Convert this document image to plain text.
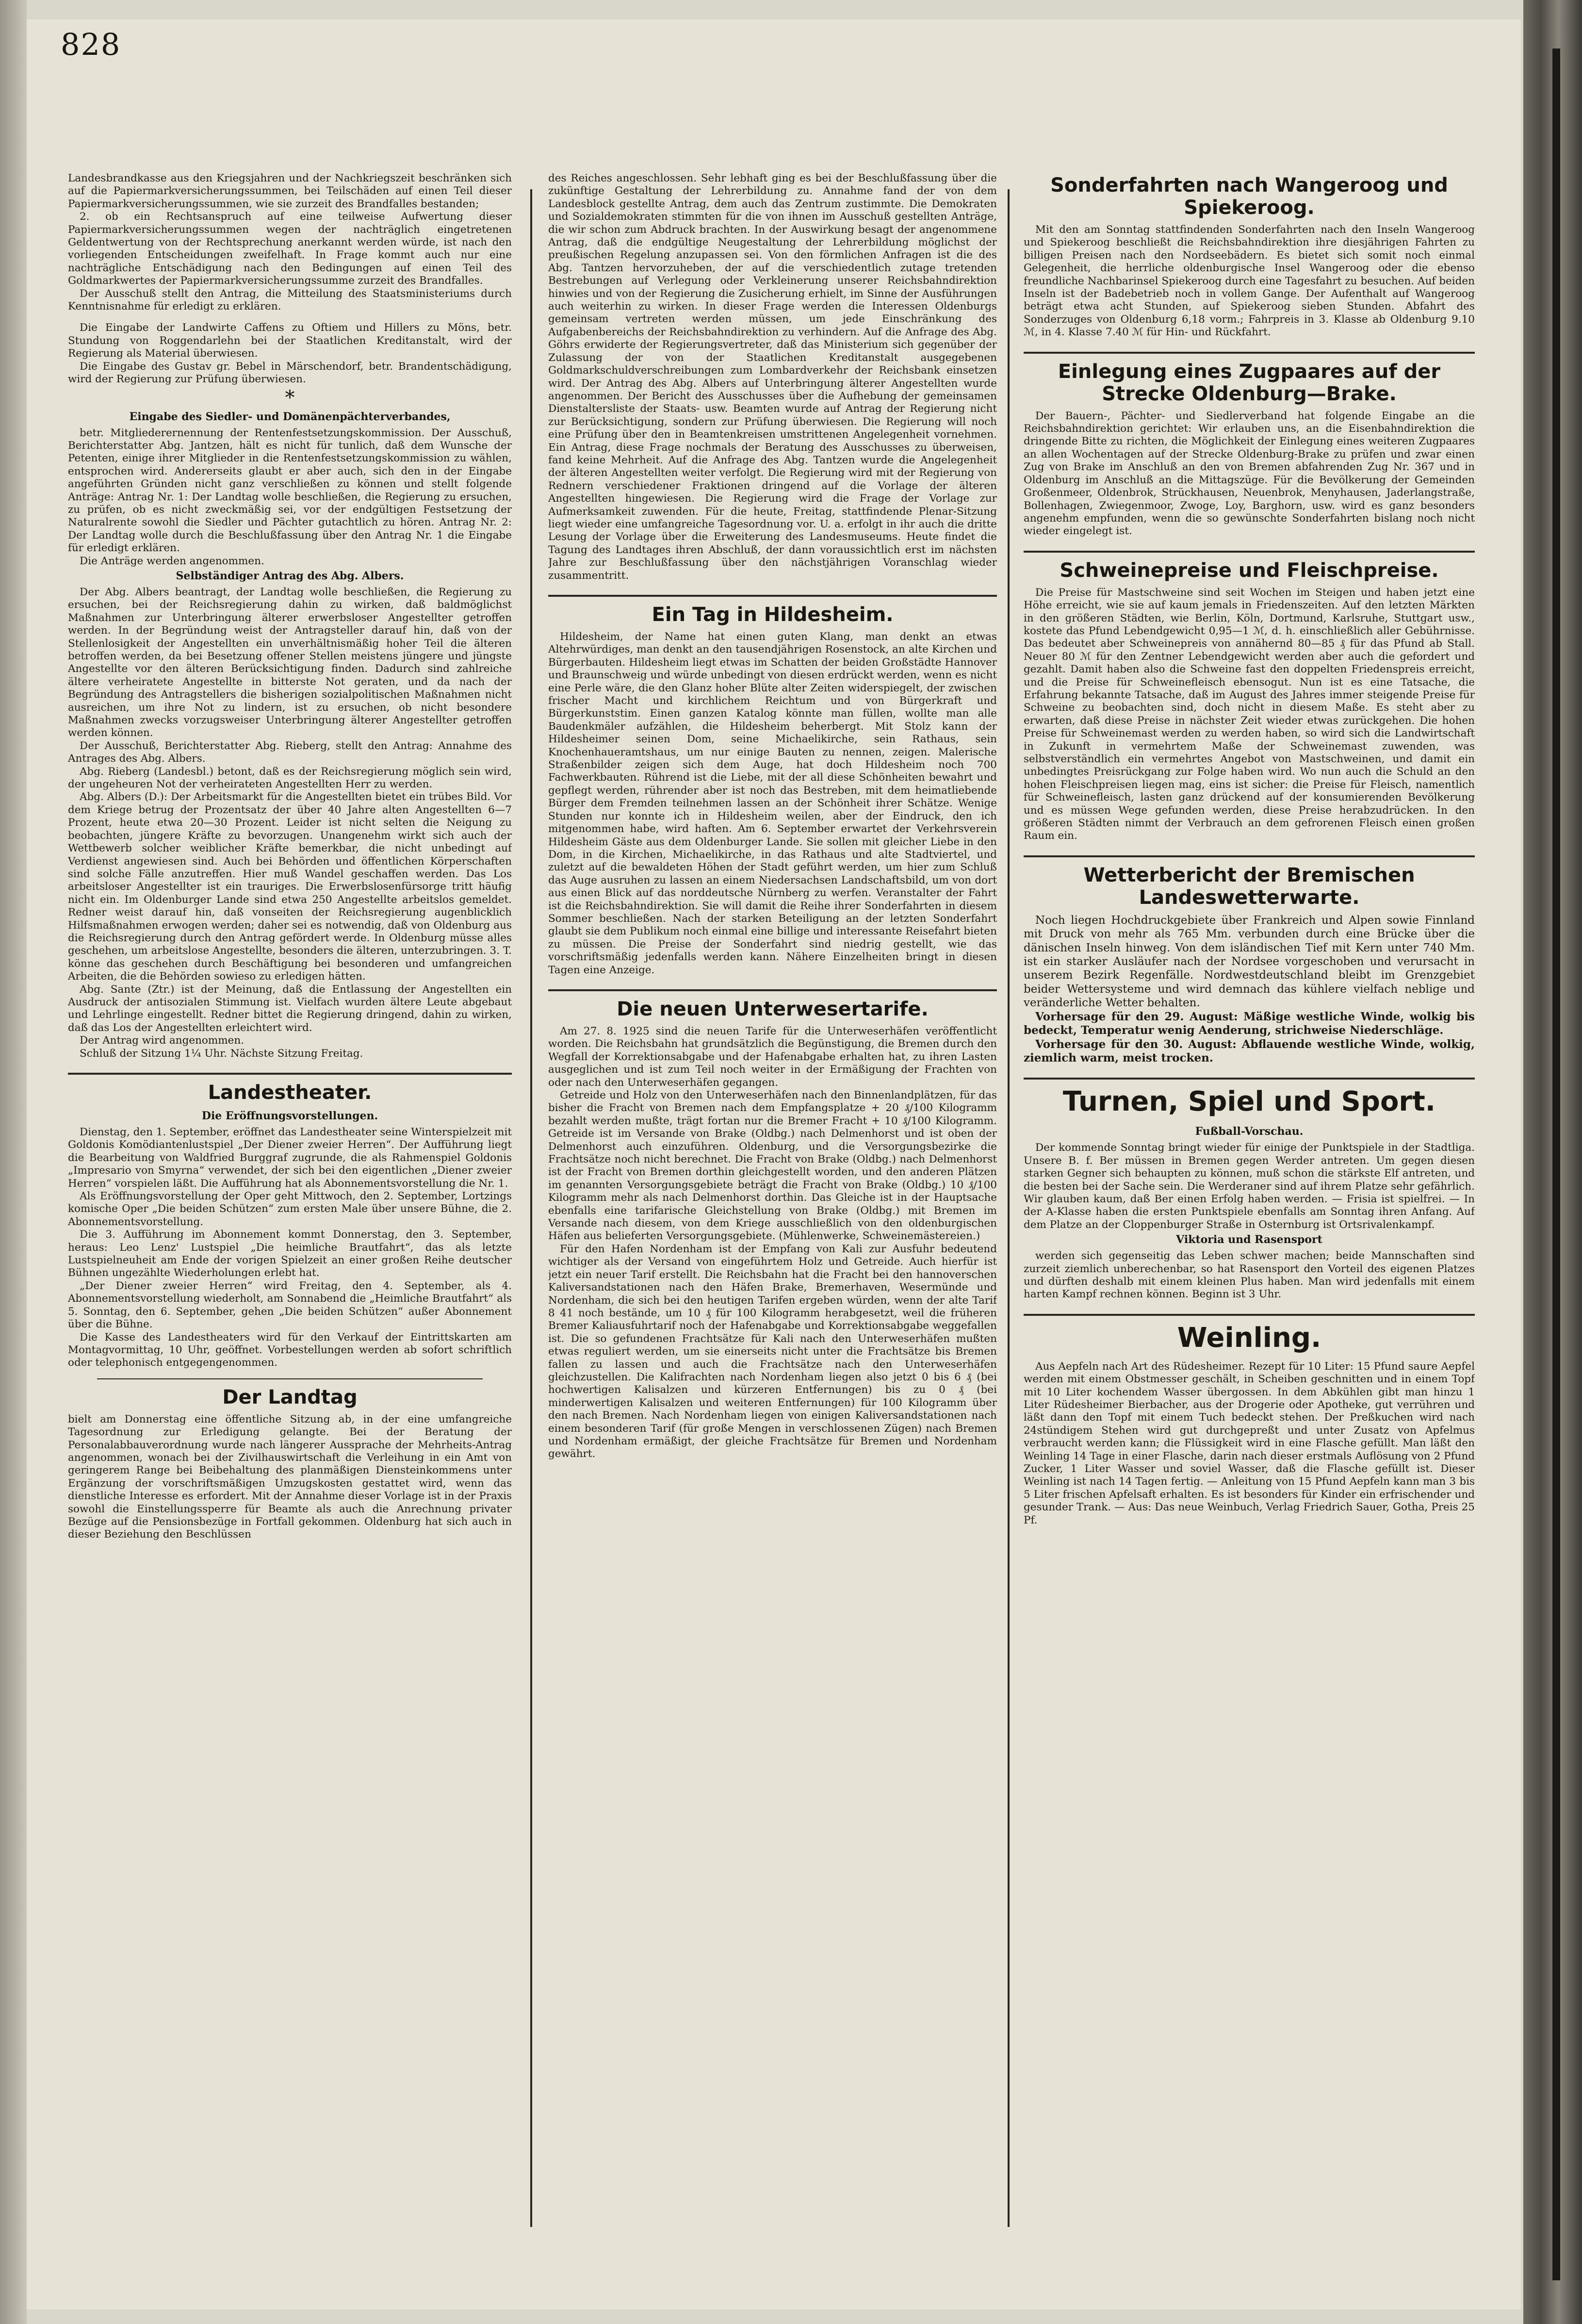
828

Landesbrandkasse aus den Kriegsjahren und der Nachkriegszeit beschränken sich auf die Papiermarkversicherungssummen, bei Teilschäden auf einen Teil dieser Papiermarkversicherungssummen, wie sie zurzeit des Brandfalles bestanden;

2. ob ein Rechtsanspruch auf eine teilweise Aufwertung dieser Papiermarkversicherungssummen wegen der nachträglich eingetretenen Geldentwertung von der Rechtsprechung anerkannt werden würde, ist nach den vorliegenden Entscheidungen zweifelhaft. In Frage kommt auch nur eine nachträgliche Entschädigung nach den Bedingungen auf einen Teil des Goldmarkwertes der Papiermarkversicherungssumme zurzeit des Brandfalles.

Der Ausschuß stellt den Antrag, die Mitteilung des Staatsministeriums durch Kenntnisnahme für erledigt zu erklären.

Die Eingabe der Landwirte Caffens zu Oftiem und Hillers zu Möns, betr. Stundung von Roggendarlehn bei der Staatlichen Kreditanstalt, wird der Regierung als Material überwiesen.

Die Eingabe des Gustav gr. Bebel in Märschendorf, betr. Brandentschädigung, wird der Regierung zur Prüfung überwiesen.

*
Eingabe des Siedler- und Domänenpächterverbandes,

betr. Mitgliederernennung der Rentenfestsetzungskommission. Der Ausschuß, Berichterstatter Abg. Jantzen, hält es nicht für tunlich, daß dem Wunsche der Petenten, einige ihrer Mitglieder in die Rentenfestsetzungskommission zu wählen, entsprochen wird. Andererseits glaubt er aber auch, sich den in der Eingabe angeführten Gründen nicht ganz verschließen zu können und stellt folgende Anträge: Antrag Nr. 1: Der Landtag wolle beschließen, die Regierung zu ersuchen, zu prüfen, ob es nicht zweckmäßig sei, vor der endgültigen Festsetzung der Naturalrente sowohl die Siedler und Pächter gutachtlich zu hören. Antrag Nr. 2: Der Landtag wolle durch die Beschlußfassung über den Antrag Nr. 1 die Eingabe für erledigt erklären.

Die Anträge werden angenommen.

Selbständiger Antrag des Abg. Albers.

Der Abg. Albers beantragt, der Landtag wolle beschließen, die Regierung zu ersuchen, bei der Reichsregierung dahin zu wirken, daß baldmöglichst Maßnahmen zur Unterbringung älterer erwerbsloser Angestellter getroffen werden. In der Begründung weist der Antragsteller darauf hin, daß von der Stellenlosigkeit der Angestellten ein unverhältnismäßig hoher Teil die älteren betroffen werden, da bei Besetzung offener Stellen meistens jüngere und jüngste Angestellte vor den älteren Berücksichtigung finden. Dadurch sind zahlreiche ältere verheiratete Angestellte in bitterste Not geraten, und da nach der Begründung des Antragstellers die bisherigen sozialpolitischen Maßnahmen nicht ausreichen, um ihre Not zu lindern, ist zu ersuchen, ob nicht besondere Maßnahmen zwecks vorzugsweiser Unterbringung älterer Angestellter getroffen werden können.

Der Ausschuß, Berichterstatter Abg. Rieberg, stellt den Antrag: Annahme des Antrages des Abg. Albers.

Abg. Rieberg (Landesbl.) betont, daß es der Reichsregierung möglich sein wird, der ungeheuren Not der verheirateten Angestellten Herr zu werden.

Abg. Albers (D.): Der Arbeitsmarkt für die Angestellten bietet ein trübes Bild. Vor dem Kriege betrug der Prozentsatz der über 40 Jahre alten Angestellten 6—7 Prozent, heute etwa 20—30 Prozent. Leider ist nicht selten die Neigung zu beobachten, jüngere Kräfte zu bevorzugen. Unangenehm wirkt sich auch der Wettbewerb solcher weiblicher Kräfte bemerkbar, die nicht unbedingt auf Verdienst angewiesen sind. Auch bei Behörden und öffentlichen Körperschaften sind solche Fälle anzutreffen. Hier muß Wandel geschaffen werden. Das Los arbeitsloser Angestellter ist ein trauriges. Die Erwerbslosenfürsorge tritt häufig nicht ein. Im Oldenburger Lande sind etwa 250 Angestellte arbeitslos gemeldet. Redner weist darauf hin, daß vonseiten der Reichsregierung augenblicklich Hilfsmaßnahmen erwogen werden; daher sei es notwendig, daß von Oldenburg aus die Reichsregierung durch den Antrag gefördert werde. In Oldenburg müsse alles geschehen, um arbeitslose Angestellte, besonders die älteren, unterzubringen. 3. T. könne das geschehen durch Beschäftigung bei besonderen und umfangreichen Arbeiten, die die Behörden sowieso zu erledigen hätten.

Abg. Sante (Ztr.) ist der Meinung, daß die Entlassung der Angestellten ein Ausdruck der antisozialen Stimmung ist. Vielfach wurden ältere Leute abgebaut und Lehrlinge eingestellt. Redner bittet die Regierung dringend, dahin zu wirken, daß das Los der Angestellten erleichtert wird.

Der Antrag wird angenommen.

Schluß der Sitzung 1¼ Uhr. Nächste Sitzung Freitag.

Landestheater.
Die Eröffnungsvorstellungen.

Dienstag, den 1. September, eröffnet das Landestheater seine Winterspielzeit mit Goldonis Komödiantenlustspiel „Der Diener zweier Herren“. Der Aufführung liegt die Bearbeitung von Waldfried Burggraf zugrunde, die als Rahmenspiel Goldonis „Impresario von Smyrna“ verwendet, der sich bei den eigentlichen „Diener zweier Herren“ vorspielen läßt. Die Aufführung hat als Abonnementsvorstellung die Nr. 1.

Als Eröffnungsvorstellung der Oper geht Mittwoch, den 2. September, Lortzings komische Oper „Die beiden Schützen“ zum ersten Male über unsere Bühne, die 2. Abonnementsvorstellung.

Die 3. Aufführung im Abonnement kommt Donnerstag, den 3. September, heraus: Leo Lenz' Lustspiel „Die heimliche Brautfahrt“, das als letzte Lustspielneuheit am Ende der vorigen Spielzeit an einer großen Reihe deutscher Bühnen ungezählte Wiederholungen erlebt hat.

„Der Diener zweier Herren“ wird Freitag, den 4. September, als 4. Abonnementsvorstellung wiederholt, am Sonnabend die „Heimliche Brautfahrt“ als 5. Sonntag, den 6. September, gehen „Die beiden Schützen“ außer Abonnement über die Bühne.

Die Kasse des Landestheaters wird für den Verkauf der Eintrittskarten am Montagvormittag, 10 Uhr, geöffnet. Vorbestellungen werden ab sofort schriftlich oder telephonisch entgegengenommen.

Der Landtag

bielt am Donnerstag eine öffentliche Sitzung ab, in der eine umfangreiche Tagesordnung zur Erledigung gelangte. Bei der Beratung der Personalabbauverordnung wurde nach längerer Aussprache der Mehrheits-Antrag angenommen, wonach bei der Zivilhauswirtschaft die Verleihung in ein Amt von geringerem Range bei Beibehaltung des planmäßigen Diensteinkommens unter Ergänzung der vorschriftsmäßigen Umzugskosten gestattet wird, wenn das dienstliche Interesse es erfordert. Mit der Annahme dieser Vorlage ist in der Praxis sowohl die Einstellungssperre für Beamte als auch die Anrechnung privater Bezüge auf die Pensionsbezüge in Fortfall gekommen. Oldenburg hat sich auch in dieser Beziehung den Beschlüssen

des Reiches angeschlossen. Sehr lebhaft ging es bei der Beschlußfassung über die zukünftige Gestaltung der Lehrerbildung zu. Annahme fand der von dem Landesblock gestellte Antrag, dem auch das Zentrum zustimmte. Die Demokraten und Sozialdemokraten stimmten für die von ihnen im Ausschuß gestellten Anträge, die wir schon zum Abdruck brachten. In der Auswirkung besagt der angenommene Antrag, daß die endgültige Neugestaltung der Lehrerbildung möglichst der preußischen Regelung anzupassen sei. Von den förmlichen Anfragen ist die des Abg. Tantzen hervorzuheben, der auf die verschiedentlich zutage tretenden Bestrebungen auf Verlegung oder Verkleinerung unserer Reichsbahndirektion hinwies und von der Regierung die Zusicherung erhielt, im Sinne der Ausführungen auch weiterhin zu wirken. In dieser Frage werden die Interessen Oldenburgs gemeinsam vertreten werden müssen, um jede Einschränkung des Aufgabenbereichs der Reichsbahndirektion zu verhindern. Auf die Anfrage des Abg. Göhrs erwiderte der Regierungsvertreter, daß das Ministerium sich gegenüber der Zulassung der von der Staatlichen Kreditanstalt ausgegebenen Goldmarkschuldverschreibungen zum Lombardverkehr der Reichsbank einsetzen wird. Der Antrag des Abg. Albers auf Unterbringung älterer Angestellten wurde angenommen. Der Bericht des Ausschusses über die Aufhebung der gemeinsamen Dienstaltersliste der Staats- usw. Beamten wurde auf Antrag der Regierung nicht zur Berücksichtigung, sondern zur Prüfung überwiesen. Die Regierung will noch eine Prüfung über den in Beamtenkreisen umstrittenen Angelegenheit vornehmen. Ein Antrag, diese Frage nochmals der Beratung des Ausschusses zu überweisen, fand keine Mehrheit. Auf die Anfrage des Abg. Tantzen wurde die Angelegenheit der älteren Angestellten weiter verfolgt. Die Regierung wird mit der Regierung von Rednern verschiedener Fraktionen dringend auf die Vorlage der älteren Angestellten hingewiesen. Die Regierung wird die Frage der Vorlage zur Aufmerksamkeit zuwenden. Für die heute, Freitag, stattfindende Plenar-Sitzung liegt wieder eine umfangreiche Tagesordnung vor. U. a. erfolgt in ihr auch die dritte Lesung der Vorlage über die Erweiterung des Landesmuseums. Heute findet die Tagung des Landtages ihren Abschluß, der dann voraussichtlich erst im nächsten Jahre zur Beschlußfassung über den nächstjährigen Voranschlag wieder zusammentritt.

Ein Tag in Hildesheim.

Hildesheim, der Name hat einen guten Klang, man denkt an etwas Altehrwürdiges, man denkt an den tausendjährigen Rosenstock, an alte Kirchen und Bürgerbauten. Hildesheim liegt etwas im Schatten der beiden Großstädte Hannover und Braunschweig und würde unbedingt von diesen erdrückt werden, wenn es nicht eine Perle wäre, die den Glanz hoher Blüte alter Zeiten widerspiegelt, der zwischen frischer Macht und kirchlichem Reichtum und von Bürgerkraft und Bürgerkunststim. Einen ganzen Katalog könnte man füllen, wollte man alle Baudenkmäler aufzählen, die Hildesheim beherbergt. Mit Stolz kann der Hildesheimer seinen Dom, seine Michaelikirche, sein Rathaus, sein Knochenhaueramtshaus, um nur einige Bauten zu nennen, zeigen. Malerische Straßenbilder zeigen sich dem Auge, hat doch Hildesheim noch 700 Fachwerkbauten. Rührend ist die Liebe, mit der all diese Schönheiten bewahrt und gepflegt werden, rührender aber ist noch das Bestreben, mit dem heimatliebende Bürger dem Fremden teilnehmen lassen an der Schönheit ihrer Schätze. Wenige Stunden nur konnte ich in Hildesheim weilen, aber der Eindruck, den ich mitgenommen habe, wird haften. Am 6. September erwartet der Verkehrsverein Hildesheim Gäste aus dem Oldenburger Lande. Sie sollen mit gleicher Liebe in den Dom, in die Kirchen, Michaelikirche, in das Rathaus und alte Stadtviertel, und zuletzt auf die bewaldeten Höhen der Stadt geführt werden, um hier zum Schluß das Auge ausruhen zu lassen an einem Niedersachsen Landschaftsbild, um von dort aus einen Blick auf das norddeutsche Nürnberg zu werfen. Veranstalter der Fahrt ist die Reichsbahndirektion. Sie will damit die Reihe ihrer Sonderfahrten in diesem Sommer beschließen. Nach der starken Beteiligung an der letzten Sonderfahrt glaubt sie dem Publikum noch einmal eine billige und interessante Reisefahrt bieten zu müssen. Die Preise der Sonderfahrt sind niedrig gestellt, wie das vorschriftsmäßig jedenfalls werden kann. Nähere Einzelheiten bringt in diesen Tagen eine Anzeige.

Die neuen Unterwesertarife.

Am 27. 8. 1925 sind die neuen Tarife für die Unterweserhäfen veröffentlicht worden. Die Reichsbahn hat grundsätzlich die Begünstigung, die Bremen durch den Wegfall der Korrektionsabgabe und der Hafenabgabe erhalten hat, zu ihren Lasten ausgeglichen und ist zum Teil noch weiter in der Ermäßigung der Frachten von oder nach den Unterweserhäfen gegangen.

Getreide und Holz von den Unterweserhäfen nach den Binnenlandplätzen, für das bisher die Fracht von Bremen nach dem Empfangsplatze + 20 ₰/100 Kilogramm bezahlt werden mußte, trägt fortan nur die Bremer Fracht + 10 ₰/100 Kilogramm. Getreide ist im Versande von Brake (Oldbg.) nach Delmenhorst und ist oben der Delmenhorst auch einzuführen. Oldenburg, und die Versorgungsbezirke die Frachtsätze noch nicht berechnet. Die Fracht von Brake (Oldbg.) nach Delmenhorst ist der Fracht von Bremen dorthin gleichgestellt worden, und den anderen Plätzen im genannten Versorgungsgebiete beträgt die Fracht von Brake (Oldbg.) 10 ₰/100 Kilogramm mehr als nach Delmenhorst dorthin. Das Gleiche ist in der Hauptsache ebenfalls eine tarifarische Gleichstellung von Brake (Oldbg.) mit Bremen im Versande nach diesem, von dem Kriege ausschließlich von den oldenburgischen Häfen aus belieferten Versorgungsgebiete. (Mühlenwerke, Schweinemästereien.)

Für den Hafen Nordenham ist der Empfang von Kali zur Ausfuhr bedeutend wichtiger als der Versand von eingeführtem Holz und Getreide. Auch hierfür ist jetzt ein neuer Tarif erstellt. Die Reichsbahn hat die Fracht bei den hannoverschen Kaliversandstationen nach den Häfen Brake, Bremerhaven, Wesermünde und Nordenham, die sich bei den heutigen Tarifen ergeben würden, wenn der alte Tarif 8 41 noch bestände, um 10 ₰ für 100 Kilogramm herabgesetzt, weil die früheren Bremer Kaliausfuhrtarif noch der Hafenabgabe und Korrektionsabgabe weggefallen ist. Die so gefundenen Frachtsätze für Kali nach den Unterweserhäfen mußten etwas reguliert werden, um sie einerseits nicht unter die Frachtsätze bis Bremen fallen zu lassen und auch die Frachtsätze nach den Unterweserhäfen gleichzustellen. Die Kalifrachten nach Nordenham liegen also jetzt 0 bis 6 ₰ (bei hochwertigen Kalisalzen und kürzeren Entfernungen) bis zu 0 ₰ (bei minderwertigen Kalisalzen und weiteren Entfernungen) für 100 Kilogramm über den nach Bremen. Nach Nordenham liegen von einigen Kaliversandstationen nach einem besonderen Tarif (für große Mengen in verschlossenen Zügen) nach Bremen und Nordenham ermäßigt, der gleiche Frachtsätze für Bremen und Nordenham gewährt.

Sonderfahrten nach Wangeroog und Spiekeroog.

Mit den am Sonntag stattfindenden Sonderfahrten nach den Inseln Wangeroog und Spiekeroog beschließt die Reichsbahndirektion ihre diesjährigen Fahrten zu billigen Preisen nach den Nordseebädern. Es bietet sich somit noch einmal Gelegenheit, die herrliche oldenburgische Insel Wangeroog oder die ebenso freundliche Nachbarinsel Spiekeroog durch eine Tagesfahrt zu besuchen. Auf beiden Inseln ist der Badebetrieb noch in vollem Gange. Der Aufenthalt auf Wangeroog beträgt etwa acht Stunden, auf Spiekeroog sieben Stunden. Abfahrt des Sonderzuges von Oldenburg 6,18 vorm.; Fahrpreis in 3. Klasse ab Oldenburg 9.10 ℳ, in 4. Klasse 7.40 ℳ für Hin- und Rückfahrt.

Einlegung eines Zugpaares auf der Strecke Oldenburg—Brake.

Der Bauern-, Pächter- und Siedlerverband hat folgende Eingabe an die Reichsbahndirektion gerichtet: Wir erlauben uns, an die Eisenbahndirektion die dringende Bitte zu richten, die Möglichkeit der Einlegung eines weiteren Zugpaares an allen Wochentagen auf der Strecke Oldenburg-Brake zu prüfen und zwar einen Zug von Brake im Anschluß an den von Bremen abfahrenden Zug Nr. 367 und in Oldenburg im Anschluß an die Mittagszüge. Für die Bevölkerung der Gemeinden Großenmeer, Oldenbrok, Strückhausen, Neuenbrok, Menyhausen, Jaderlangstraße, Bollenhagen, Zwiegenmoor, Zwoge, Loy, Barghorn, usw. wird es ganz besonders angenehm empfunden, wenn die so gewünschte Sonderfahrten bislang noch nicht wieder eingelegt ist.

Schweinepreise und Fleischpreise.

Die Preise für Mastschweine sind seit Wochen im Steigen und haben jetzt eine Höhe erreicht, wie sie auf kaum jemals in Friedenszeiten. Auf den letzten Märkten in den größeren Städten, wie Berlin, Köln, Dortmund, Karlsruhe, Stuttgart usw., kostete das Pfund Lebendgewicht 0,95—1 ℳ, d. h. einschließlich aller Gebührnisse. Das bedeutet aber Schweinepreis von annähernd 80—85 ₰ für das Pfund ab Stall. Neuer 80 ℳ für den Zentner Lebendgewicht werden aber auch die gefordert und gezahlt. Damit haben also die Schweine fast den doppelten Friedenspreis erreicht, und die Preise für Schweinefleisch ebensogut. Nun ist es eine Tatsache, die Erfahrung bekannte Tatsache, daß im August des Jahres immer steigende Preise für Schweine zu beobachten sind, doch nicht in diesem Maße. Es steht aber zu erwarten, daß diese Preise in nächster Zeit wieder etwas zurückgehen. Die hohen Preise für Schweinemast werden zu werden haben, so wird sich die Landwirtschaft in Zukunft in vermehrtem Maße der Schweinemast zuwenden, was selbstverständlich ein vermehrtes Angebot von Mastschweinen, und damit ein unbedingtes Preisrückgang zur Folge haben wird. Wo nun auch die Schuld an den hohen Fleischpreisen liegen mag, eins ist sicher: die Preise für Fleisch, namentlich für Schweinefleisch, lasten ganz drückend auf der konsumierenden Bevölkerung und es müssen Wege gefunden werden, diese Preise herabzudrücken. In den größeren Städten nimmt der Verbrauch an dem gefrorenen Fleisch einen großen Raum ein.

Wetterbericht der Bremischen Landeswetterwarte.

Noch liegen Hochdruckgebiete über Frankreich und Alpen sowie Finnland mit Druck von mehr als 765 Mm. verbunden durch eine Brücke über die dänischen Inseln hinweg. Von dem isländischen Tief mit Kern unter 740 Mm. ist ein starker Ausläufer nach der Nordsee vorgeschoben und verursacht in unserem Bezirk Regenfälle. Nordwestdeutschland bleibt im Grenzgebiet beider Wettersysteme und wird demnach das kühlere vielfach neblige und veränderliche Wetter behalten.

Vorhersage für den 29. August: Mäßige westliche Winde, wolkig bis bedeckt, Temperatur wenig Aenderung, strichweise Niederschläge.

Vorhersage für den 30. August: Abflauende westliche Winde, wolkig, ziemlich warm, meist trocken.

Turnen, Spiel und Sport.
Fußball-Vorschau.

Der kommende Sonntag bringt wieder für einige der Punktspiele in der Stadtliga. Unsere B. f. Ber müssen in Bremen gegen Werder antreten. Um gegen diesen starken Gegner sich behaupten zu können, muß schon die stärkste Elf antreten, und die besten bei der Sache sein. Die Werderaner sind auf ihrem Platze sehr gefährlich. Wir glauben kaum, daß Ber einen Erfolg haben werden. — Frisia ist spielfrei. — In der A-Klasse haben die ersten Punktspiele ebenfalls am Sonntag ihren Anfang. Auf dem Platze an der Cloppenburger Straße in Osternburg ist Ortsrivalenkampf.

Viktoria und Rasensport

werden sich gegenseitig das Leben schwer machen; beide Mannschaften sind zurzeit ziemlich unberechenbar, so hat Rasensport den Vorteil des eigenen Platzes und dürften deshalb mit einem kleinen Plus haben. Man wird jedenfalls mit einem harten Kampf rechnen können. Beginn ist 3 Uhr.

Weinling.

Aus Aepfeln nach Art des Rüdesheimer. Rezept für 10 Liter: 15 Pfund saure Aepfel werden mit einem Obstmesser geschält, in Scheiben geschnitten und in einem Topf mit 10 Liter kochendem Wasser übergossen. In dem Abkühlen gibt man hinzu 1 Liter Rüdesheimer Bierbacher, aus der Drogerie oder Apotheke, gut verrühren und läßt dann den Topf mit einem Tuch bedeckt stehen. Der Preßkuchen wird nach 24stündigem Stehen wird gut durchgepreßt und unter Zusatz von Apfelmus verbraucht werden kann; die Flüssigkeit wird in eine Flasche gefüllt. Man läßt den Weinling 14 Tage in einer Flasche, darin nach dieser erstmals Auflösung von 2 Pfund Zucker, 1 Liter Wasser und soviel Wasser, daß die Flasche gefüllt ist. Dieser Weinling ist nach 14 Tagen fertig. — Anleitung von 15 Pfund Aepfeln kann man 3 bis 5 Liter frischen Apfelsaft erhalten. Es ist besonders für Kinder ein erfrischender und gesunder Trank. — Aus: Das neue Weinbuch, Verlag Friedrich Sauer, Gotha, Preis 25 Pf.
